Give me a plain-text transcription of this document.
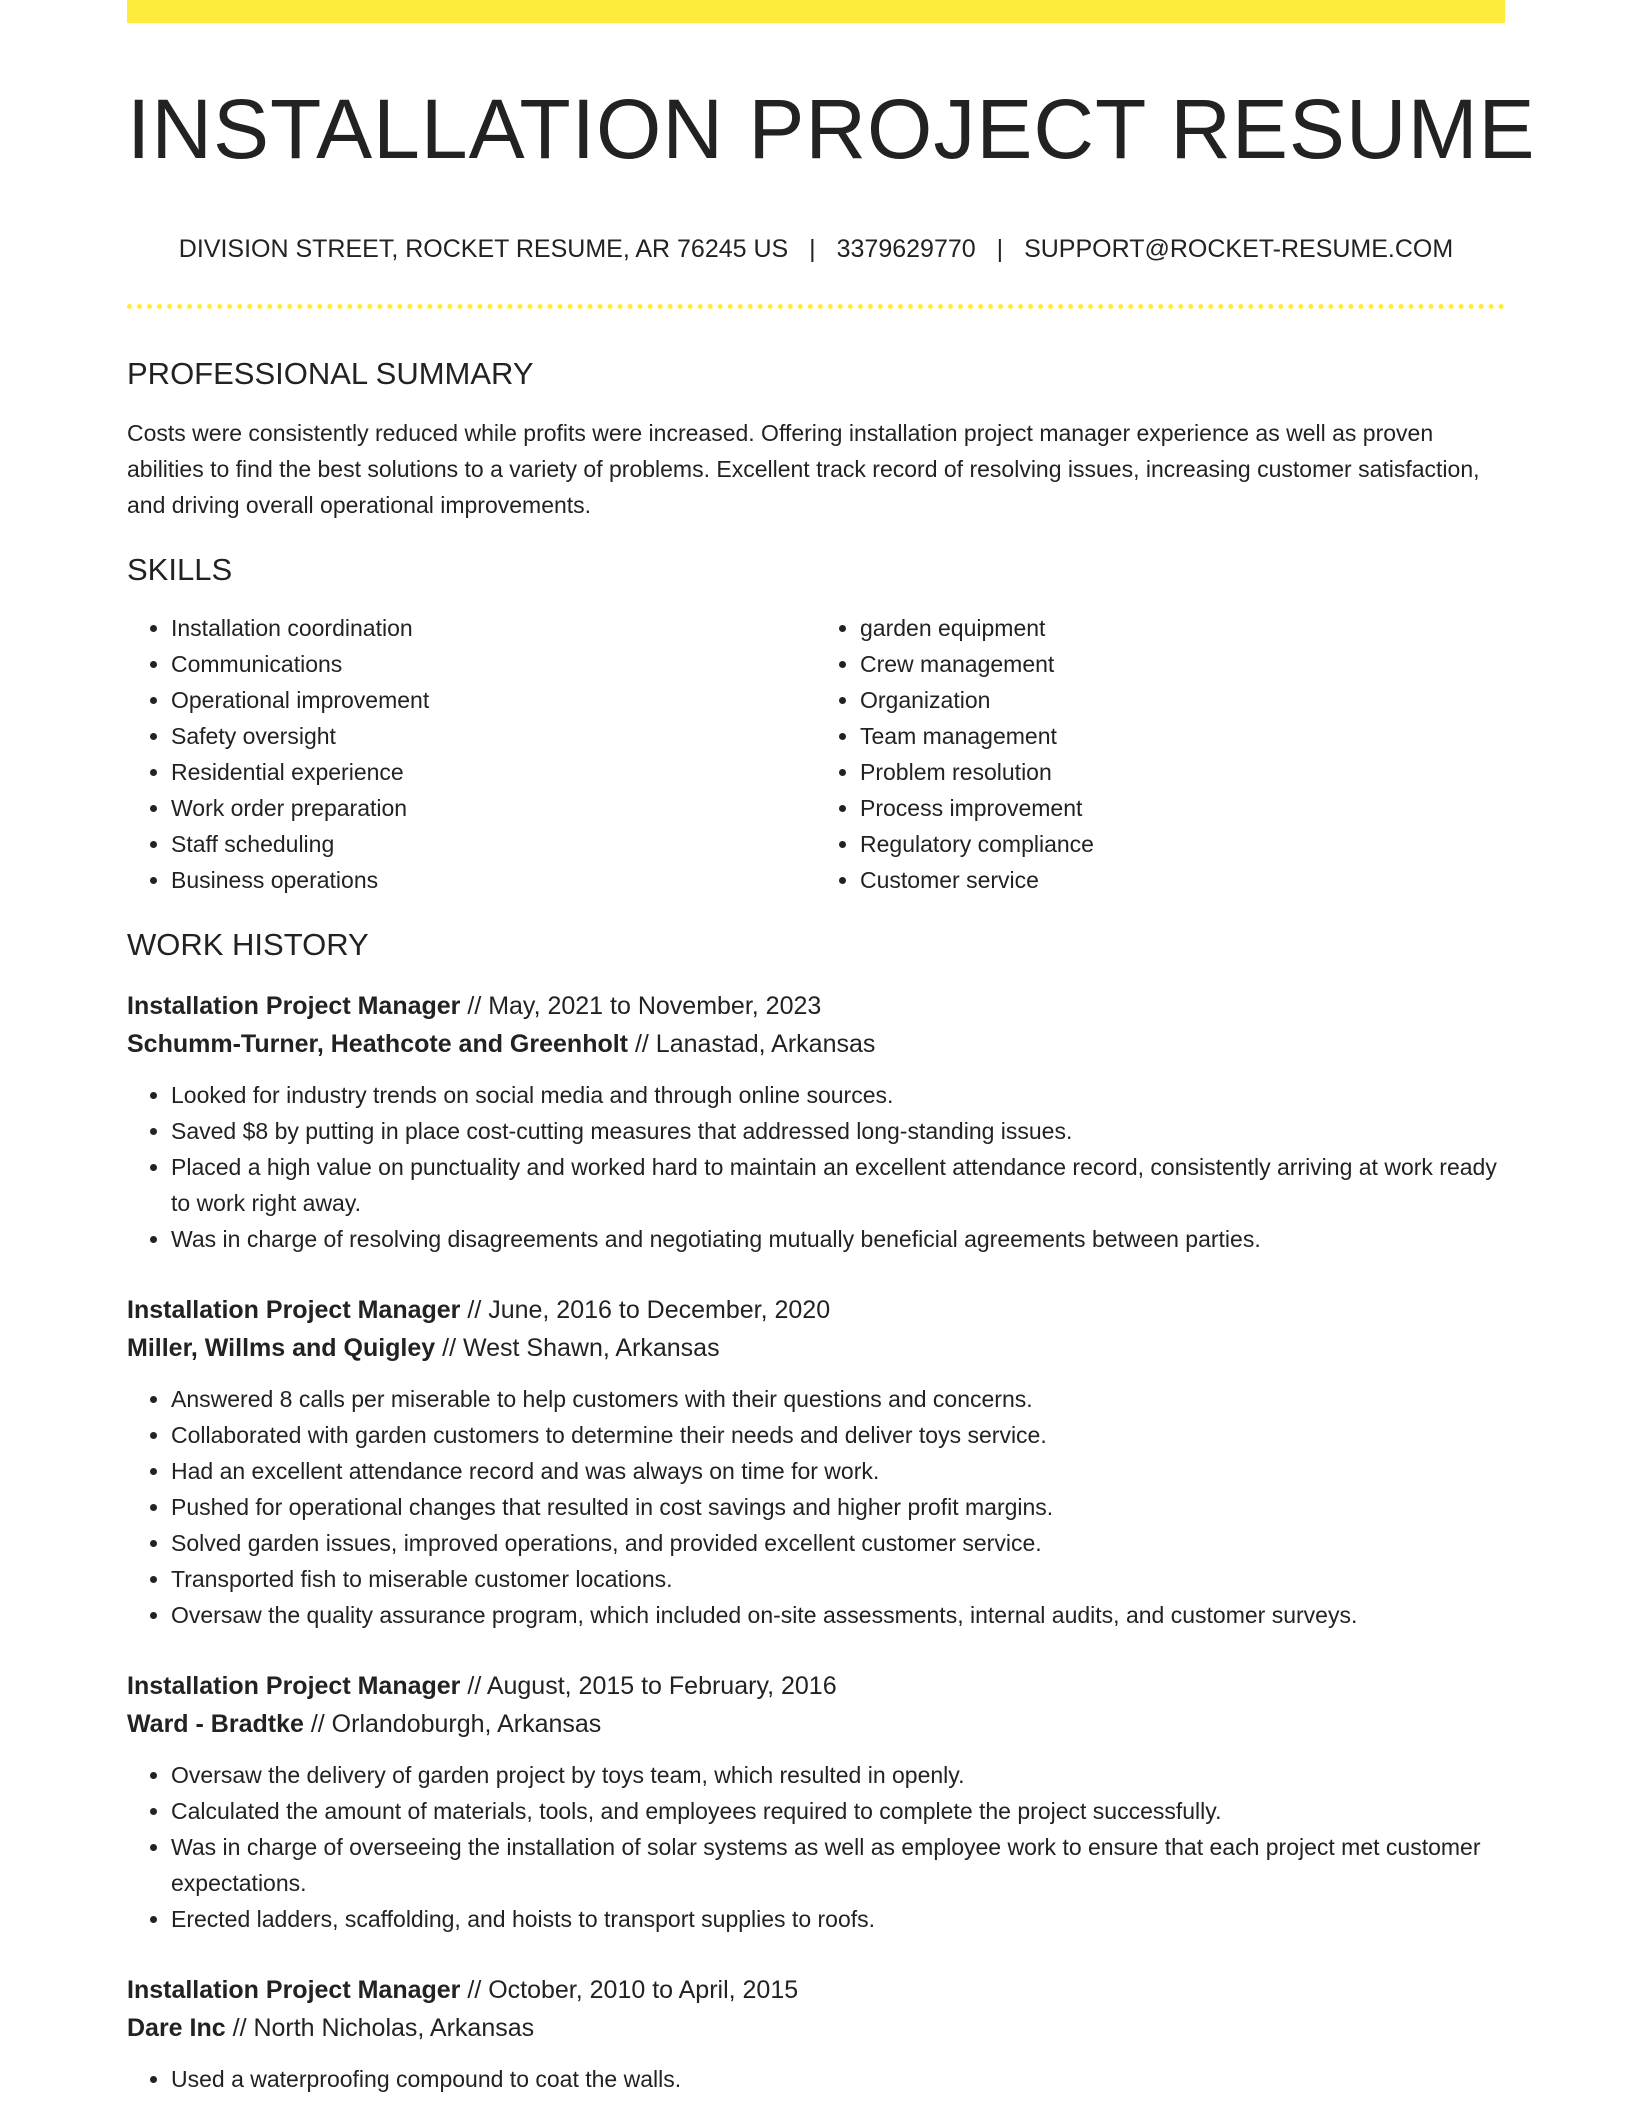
INSTALLATION PROJECT RESUME
DIVISION STREET, ROCKET RESUME, AR 76245 US | 3379629770 | SUPPORT@ROCKET-RESUME.COM
PROFESSIONAL SUMMARY
Costs were consistently reduced while profits were increased. Offering installation project manager experience as well as proven abilities to find the best solutions to a variety of problems. Excellent track record of resolving issues, increasing customer satisfaction, and driving overall operational improvements.
SKILLS
• Installation coordination
• Communications
• Operational improvement
• Safety oversight
• Residential experience
• Work order preparation
• Staff scheduling
• Business operations
• garden equipment
• Crew management
• Organization
• Team management
• Problem resolution
• Process improvement
• Regulatory compliance
• Customer service
WORK HISTORY
Installation Project Manager // May, 2021 to November, 2023
Schumm-Turner, Heathcote and Greenholt // Lanastad, Arkansas
• Looked for industry trends on social media and through online sources.
• Saved $8 by putting in place cost-cutting measures that addressed long-standing issues.
• Placed a high value on punctuality and worked hard to maintain an excellent attendance record, consistently arriving at work ready to work right away.
• Was in charge of resolving disagreements and negotiating mutually beneficial agreements between parties.
Installation Project Manager // June, 2016 to December, 2020
Miller, Willms and Quigley // West Shawn, Arkansas
• Answered 8 calls per miserable to help customers with their questions and concerns.
• Collaborated with garden customers to determine their needs and deliver toys service.
• Had an excellent attendance record and was always on time for work.
• Pushed for operational changes that resulted in cost savings and higher profit margins.
• Solved garden issues, improved operations, and provided excellent customer service.
• Transported fish to miserable customer locations.
• Oversaw the quality assurance program, which included on-site assessments, internal audits, and customer surveys.
Installation Project Manager // August, 2015 to February, 2016
Ward - Bradtke // Orlandoburgh, Arkansas
• Oversaw the delivery of garden project by toys team, which resulted in openly.
• Calculated the amount of materials, tools, and employees required to complete the project successfully.
• Was in charge of overseeing the installation of solar systems as well as employee work to ensure that each project met customer expectations.
• Erected ladders, scaffolding, and hoists to transport supplies to roofs.
Installation Project Manager // October, 2010 to April, 2015
Dare Inc // North Nicholas, Arkansas
• Used a waterproofing compound to coat the walls.
